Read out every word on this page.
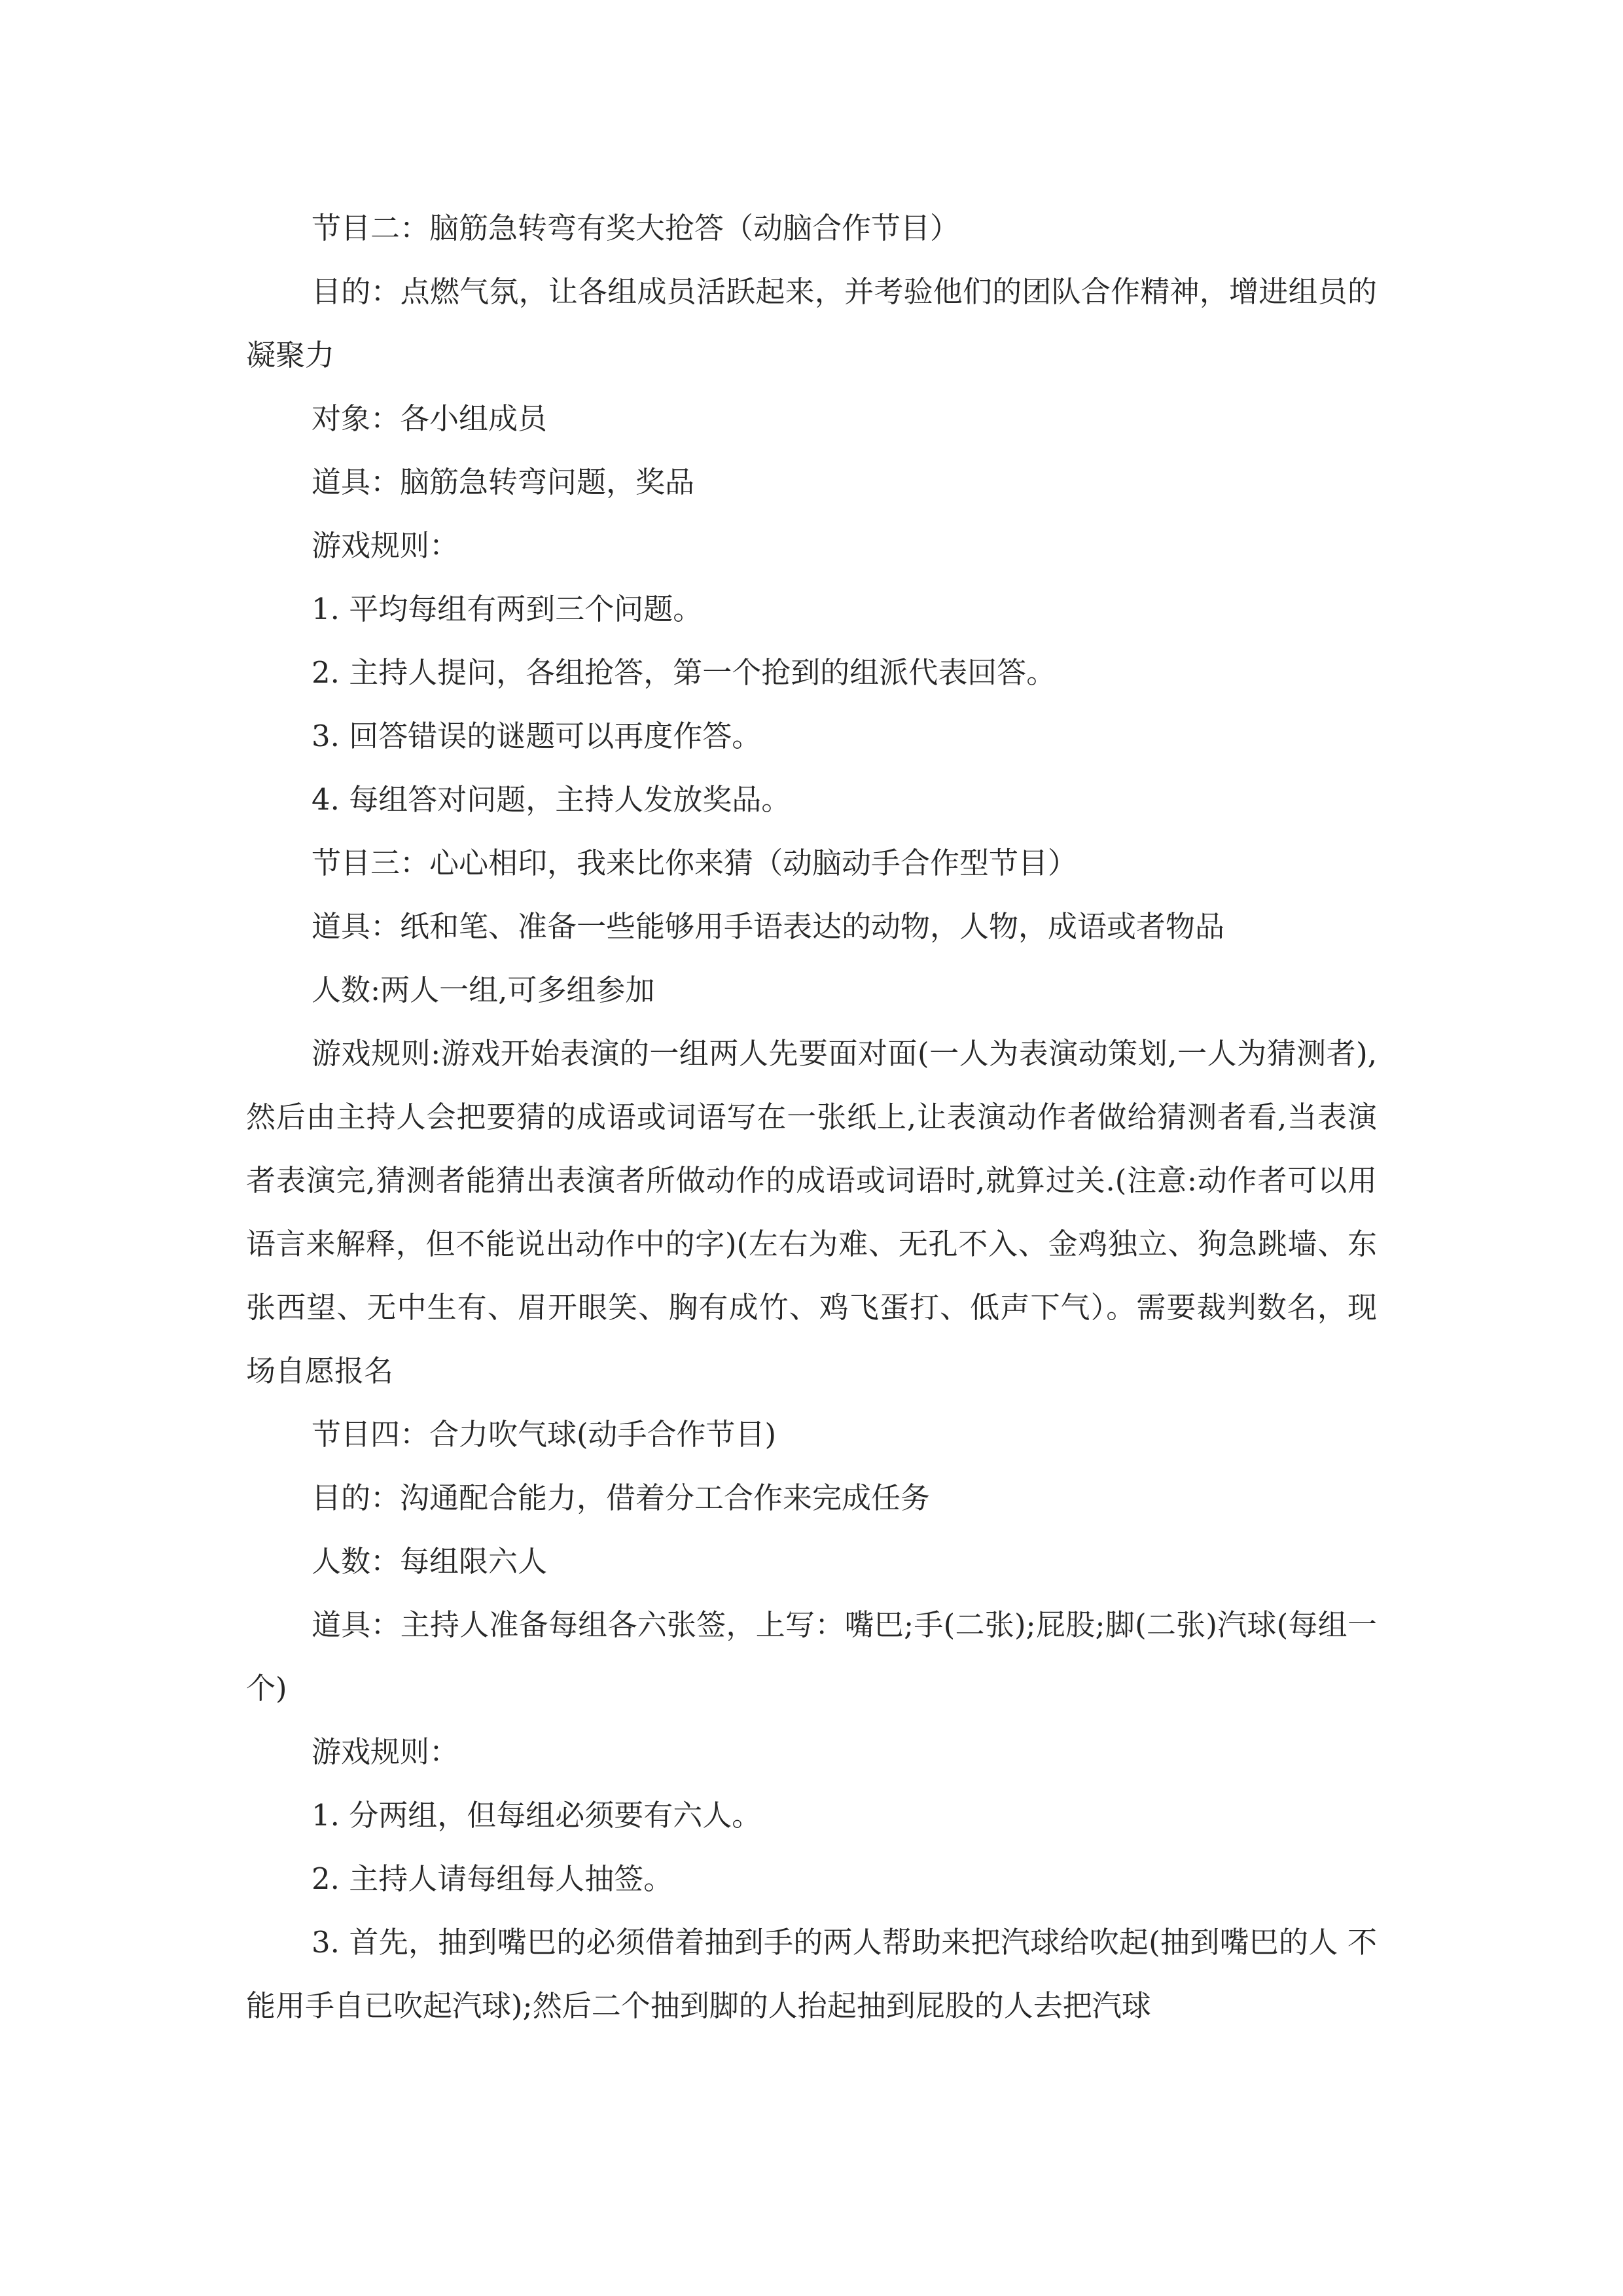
节目二：脑筋急转弯有奖大抢答（动脑合作节目）

目的：点燃气氛，让各组成员活跃起来，并考验他们的团队合作精神，增进组员的凝聚力

对象：各小组成员

道具：脑筋急转弯问题，奖品

游戏规则：

1. 平均每组有两到三个问题。

2. 主持人提问，各组抢答，第一个抢到的组派代表回答。

3. 回答错误的谜题可以再度作答。

4. 每组答对问题，主持人发放奖品。

节目三：心心相印，我来比你来猜（动脑动手合作型节目）

道具：纸和笔、准备一些能够用手语表达的动物，人物，成语或者物品

人数:两人一组,可多组参加

游戏规则:游戏开始表演的一组两人先要面对面(一人为表演动策划,一人为猜测者),然后由主持人会把要猜的成语或词语写在一张纸上,让表演动作者做给猜测者看,当表演者表演完,猜测者能猜出表演者所做动作的成语或词语时,就算过关.(注意:动作者可以用语言来解释，但不能说出动作中的字)(左右为难、无孔不入、金鸡独立、狗急跳墙、东张西望、无中生有、眉开眼笑、胸有成竹、鸡飞蛋打、低声下气）。需要裁判数名，现场自愿报名

节目四：合力吹气球(动手合作节目)

目的：沟通配合能力，借着分工合作来完成任务

人数：每组限六人

道具：主持人准备每组各六张签，上写：嘴巴;手(二张);屁股;脚(二张)汽球(每组一个)

游戏规则：

1. 分两组，但每组必须要有六人。

2. 主持人请每组每人抽签。

3. 首先，抽到嘴巴的必须借着抽到手的两人帮助来把汽球给吹起(抽到嘴巴的人 不能用手自已吹起汽球);然后二个抽到脚的人抬起抽到屁股的人去把汽球
